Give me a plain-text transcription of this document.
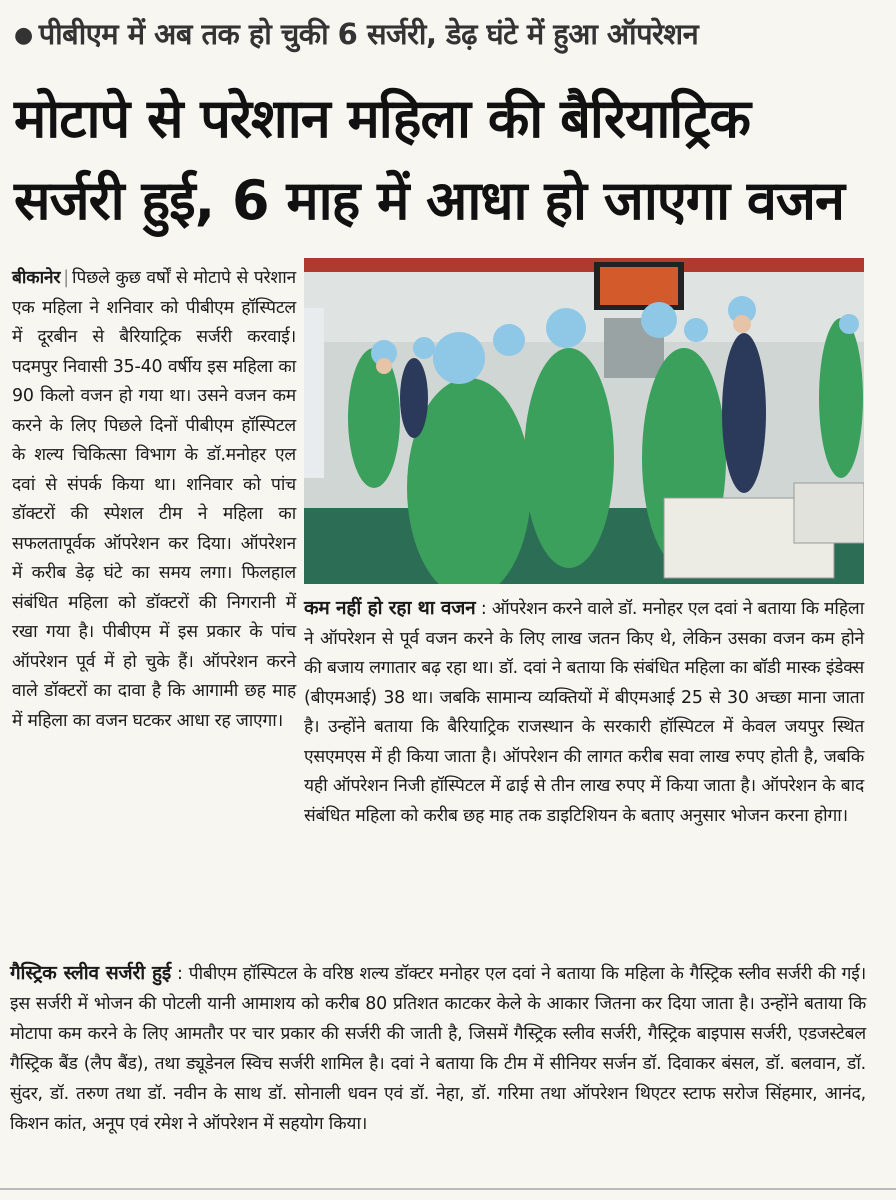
● पीबीएम में अब तक हो चुकी 6 सर्जरी, डेढ़ घंटे में हुआ ऑपरेशन
मोटापे से परेशान महिला की बैरियाट्रिक
सर्जरी हुई, 6 माह में आधा हो जाएगा वजन
बीकानेर | पिछले कुछ वर्षों से मोटापे से परेशान एक महिला ने शनिवार को पीबीएम हॉस्पिटल में दूरबीन से बैरियाट्रिक सर्जरी करवाई। पदमपुर निवासी 35-40 वर्षीय इस महिला का 90 किलो वजन हो गया था। उसने वजन कम करने के लिए पिछले दिनों पीबीएम हॉस्पिटल के शल्य चिकित्सा विभाग के डॉ.मनोहर एल दवां से संपर्क किया था। शनिवार को पांच डॉक्टरों की स्पेशल टीम ने महिला का सफलतापूर्वक ऑपरेशन कर दिया। ऑपरेशन में करीब डेढ़ घंटे का समय लगा। फिलहाल संबंधित महिला को डॉक्टरों की निगरानी में रखा गया है। पीबीएम में इस प्रकार के पांच ऑपरेशन पूर्व में हो चुके हैं। ऑपरेशन करने वाले डॉक्टरों का दावा है कि आगामी छह माह में महिला का वजन घटकर आधा रह जाएगा।
कम नहीं हो रहा था वजन : ऑपरेशन करने वाले डॉ. मनोहर एल दवां ने बताया कि महिला ने ऑपरेशन से पूर्व वजन करने के लिए लाख जतन किए थे, लेकिन उसका वजन कम होने की बजाय लगातार बढ़ रहा था। डॉ. दवां ने बताया कि संबंधित महिला का बॉडी मास्क इंडेक्स (बीएमआई) 38 था। जबकि सामान्य व्यक्तियों में बीएमआई 25 से 30 अच्छा माना जाता है। उन्होंने बताया कि बैरियाट्रिक राजस्थान के सरकारी हॉस्पिटल में केवल जयपुर स्थित एसएमएस में ही किया जाता है। ऑपरेशन की लागत करीब सवा लाख रुपए होती है, जबकि यही ऑपरेशन निजी हॉस्पिटल में ढाई से तीन लाख रुपए में किया जाता है। ऑपरेशन के बाद संबंधित महिला को करीब छह माह तक डाइटिशियन के बताए अनुसार भोजन करना होगा।
गैस्ट्रिक स्लीव सर्जरी हुई : पीबीएम हॉस्पिटल के वरिष्ठ शल्य डॉक्टर मनोहर एल दवां ने बताया कि महिला के गैस्ट्रिक स्लीव सर्जरी की गई। इस सर्जरी में भोजन की पोटली यानी आमाशय को करीब 80 प्रतिशत काटकर केले के आकार जितना कर दिया जाता है। उन्होंने बताया कि मोटापा कम करने के लिए आमतौर पर चार प्रकार की सर्जरी की जाती है, जिसमें गैस्ट्रिक स्लीव सर्जरी, गैस्ट्रिक बाइपास सर्जरी, एडजस्टेबल गैस्ट्रिक बैंड (लैप बैंड), तथा ड्यूडेनल स्विच सर्जरी शामिल है। दवां ने बताया कि टीम में सीनियर सर्जन डॉ. दिवाकर बंसल, डॉ. बलवान, डॉ. सुंदर, डॉ. तरुण तथा डॉ. नवीन के साथ डॉ. सोनाली धवन एवं डॉ. नेहा, डॉ. गरिमा तथा ऑपरेशन थिएटर स्टाफ सरोज सिंहमार, आनंद, किशन कांत, अनूप एवं रमेश ने ऑपरेशन में सहयोग किया।
